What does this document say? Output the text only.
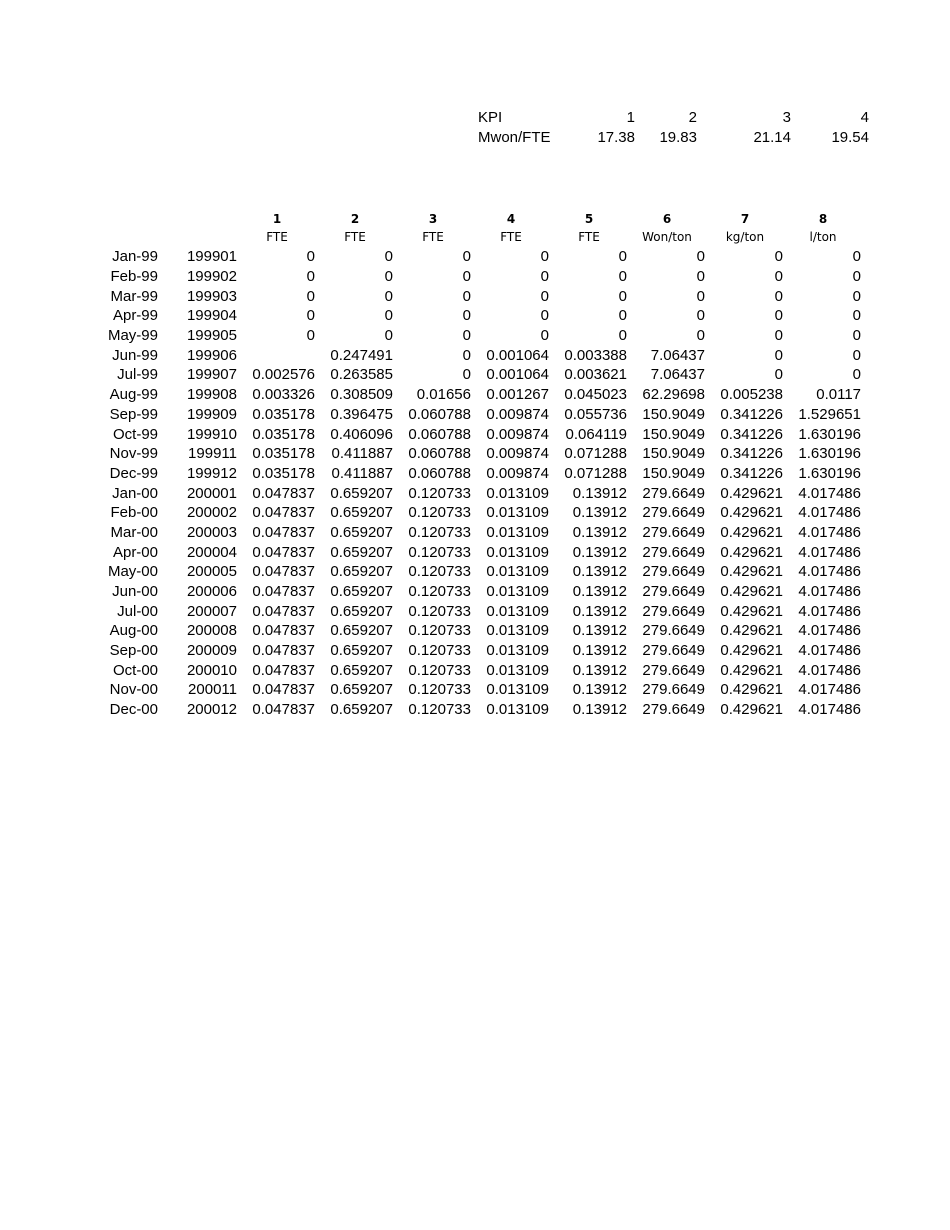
KPI	1	2	3	4
Mwon/FTE	17.38	19.83	21.14	19.54
		1	2	3	4	5	6	7	8
		FTE	FTE	FTE	FTE	FTE	Won/ton	kg/ton	l/ton
Jan-99	199901	0	0	0	0	0	0	0	0
Feb-99	199902	0	0	0	0	0	0	0	0
Mar-99	199903	0	0	0	0	0	0	0	0
Apr-99	199904	0	0	0	0	0	0	0	0
May-99	199905	0	0	0	0	0	0	0	0
Jun-99	199906		0.247491	0	0.001064	0.003388	7.06437	0	0
Jul-99	199907	0.002576	0.263585	0	0.001064	0.003621	7.06437	0	0
Aug-99	199908	0.003326	0.308509	0.01656	0.001267	0.045023	62.29698	0.005238	0.0117
Sep-99	199909	0.035178	0.396475	0.060788	0.009874	0.055736	150.9049	0.341226	1.529651
Oct-99	199910	0.035178	0.406096	0.060788	0.009874	0.064119	150.9049	0.341226	1.630196
Nov-99	199911	0.035178	0.411887	0.060788	0.009874	0.071288	150.9049	0.341226	1.630196
Dec-99	199912	0.035178	0.411887	0.060788	0.009874	0.071288	150.9049	0.341226	1.630196
Jan-00	200001	0.047837	0.659207	0.120733	0.013109	0.13912	279.6649	0.429621	4.017486
Feb-00	200002	0.047837	0.659207	0.120733	0.013109	0.13912	279.6649	0.429621	4.017486
Mar-00	200003	0.047837	0.659207	0.120733	0.013109	0.13912	279.6649	0.429621	4.017486
Apr-00	200004	0.047837	0.659207	0.120733	0.013109	0.13912	279.6649	0.429621	4.017486
May-00	200005	0.047837	0.659207	0.120733	0.013109	0.13912	279.6649	0.429621	4.017486
Jun-00	200006	0.047837	0.659207	0.120733	0.013109	0.13912	279.6649	0.429621	4.017486
Jul-00	200007	0.047837	0.659207	0.120733	0.013109	0.13912	279.6649	0.429621	4.017486
Aug-00	200008	0.047837	0.659207	0.120733	0.013109	0.13912	279.6649	0.429621	4.017486
Sep-00	200009	0.047837	0.659207	0.120733	0.013109	0.13912	279.6649	0.429621	4.017486
Oct-00	200010	0.047837	0.659207	0.120733	0.013109	0.13912	279.6649	0.429621	4.017486
Nov-00	200011	0.047837	0.659207	0.120733	0.013109	0.13912	279.6649	0.429621	4.017486
Dec-00	200012	0.047837	0.659207	0.120733	0.013109	0.13912	279.6649	0.429621	4.017486
